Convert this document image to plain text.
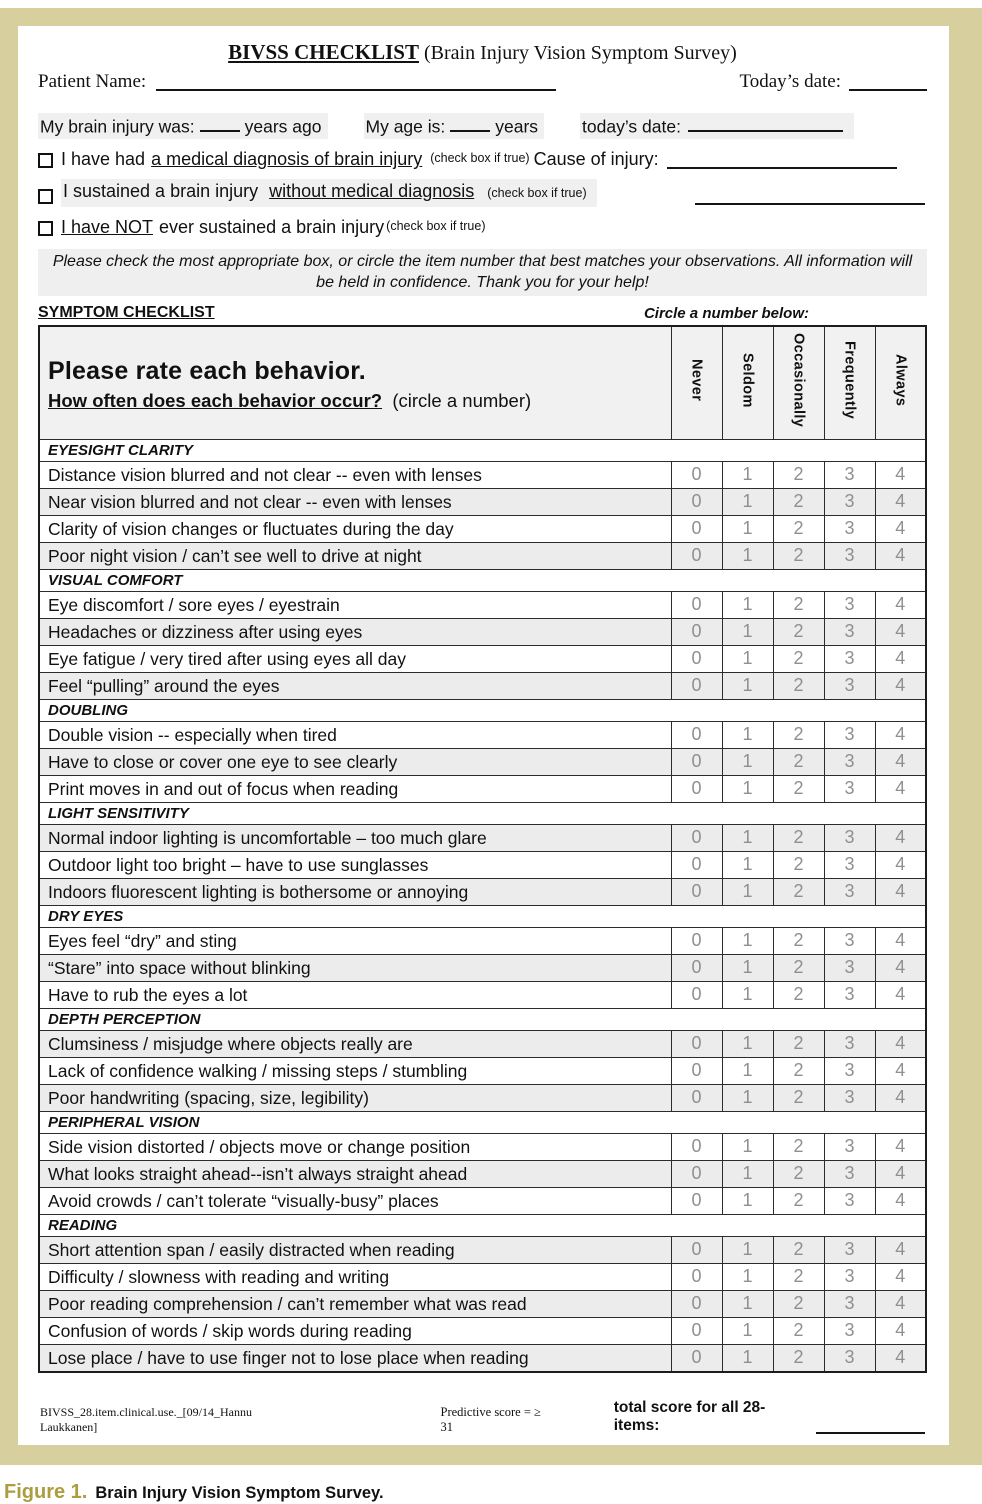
BIVSS CHECKLIST (Brain Injury Vision Symptom Survey)
Patient Name:	Today’s date:
My brain injury was:	years ago	My age is:	years	today’s date:
I have had a medical diagnosis of brain injury (check box if true) Cause of injury:
I sustained a brain injury without medical diagnosis (check box if true)
I have NOT ever sustained a brain injury (check box if true)
Please check the most appropriate box, or circle the item number that best matches your observations. All information will be held in confidence. Thank you for your help!
SYMPTOM CHECKLIST	Circle a number below:
Please rate each behavior.
How often does each behavior occur? (circle a number)	Never	Seldom	Occasionally	Frequently	Always
EYESIGHT CLARITY					
Distance vision blurred and not clear -- even with lenses	0	1	2	3	4
Near vision blurred and not clear -- even with lenses	0	1	2	3	4
Clarity of vision changes or fluctuates during the day	0	1	2	3	4
Poor night vision / can’t see well to drive at night	0	1	2	3	4
VISUAL COMFORT					
Eye discomfort / sore eyes / eyestrain	0	1	2	3	4
Headaches or dizziness after using eyes	0	1	2	3	4
Eye fatigue / very tired after using eyes all day	0	1	2	3	4
Feel “pulling” around the eyes	0	1	2	3	4
DOUBLING					
Double vision -- especially when tired	0	1	2	3	4
Have to close or cover one eye to see clearly	0	1	2	3	4
Print moves in and out of focus when reading	0	1	2	3	4
LIGHT SENSITIVITY					
Normal indoor lighting is uncomfortable – too much glare	0	1	2	3	4
Outdoor light too bright – have to use sunglasses	0	1	2	3	4
Indoors fluorescent lighting is bothersome or annoying	0	1	2	3	4
DRY EYES					
Eyes feel “dry” and sting	0	1	2	3	4
“Stare” into space without blinking	0	1	2	3	4
Have to rub the eyes a lot	0	1	2	3	4
DEPTH PERCEPTION					
Clumsiness / misjudge where objects really are	0	1	2	3	4
Lack of confidence walking / missing steps / stumbling	0	1	2	3	4
Poor handwriting (spacing, size, legibility)	0	1	2	3	4
PERIPHERAL VISION					
Side vision distorted / objects move or change position	0	1	2	3	4
What looks straight ahead--isn’t always straight ahead	0	1	2	3	4
Avoid crowds / can’t tolerate “visually-busy” places	0	1	2	3	4
READING					
Short attention span / easily distracted when reading	0	1	2	3	4
Difficulty / slowness with reading and writing	0	1	2	3	4
Poor reading comprehension / can’t remember what was read	0	1	2	3	4
Confusion of words / skip words during reading	0	1	2	3	4
Lose place / have to use finger not to lose place when reading	0	1	2	3	4
BIVSS_28.item.clinical.use._[09/14_Hannu Laukkanen]
Predictive score = ≥ 31
total score for all 28-items:
Figure 1. Brain Injury Vision Symptom Survey.
